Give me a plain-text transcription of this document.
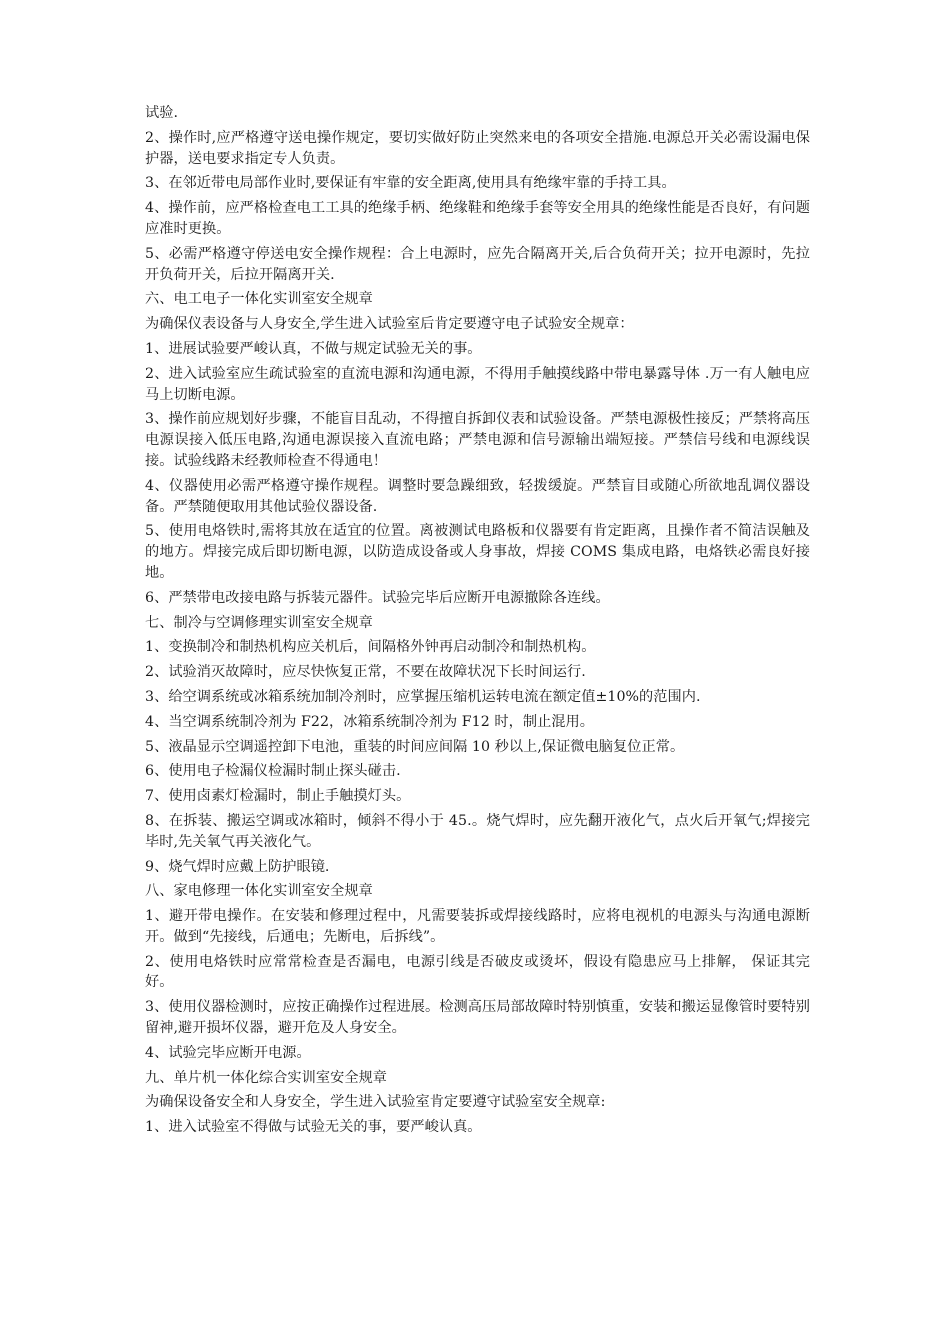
试验.

2、操作时,应严格遵守送电操作规定，要切实做好防止突然来电的各项安全措施.电源总开关必需设漏电保护器，送电要求指定专人负责。

3、在邻近带电局部作业时,要保证有牢靠的安全距离,使用具有绝缘牢靠的手持工具。

4、操作前，应严格检查电工工具的绝缘手柄、绝缘鞋和绝缘手套等安全用具的绝缘性能是否良好，有问题应准时更换。

5、必需严格遵守停送电安全操作规程：合上电源时，应先合隔离开关,后合负荷开关；拉开电源时，先拉开负荷开关，后拉开隔离开关.

六、电工电子一体化实训室安全规章

为确保仪表设备与人身安全,学生进入试验室后肯定要遵守电子试验安全规章：

1、进展试验要严峻认真，不做与规定试验无关的事。

2、进入试验室应生疏试验室的直流电源和沟通电源，不得用手触摸线路中带电暴露导体 .万一有人触电应马上切断电源。

3、操作前应规划好步骤，不能盲目乱动，不得擅自拆卸仪表和试验设备。严禁电源极性接反；严禁将高压电源误接入低压电路,沟通电源误接入直流电路；严禁电源和信号源输出端短接。严禁信号线和电源线误接。试验线路未经教师检查不得通电！

4、仪器使用必需严格遵守操作规程。调整时要急躁细致，轻拨缓旋。严禁盲目或随心所欲地乱调仪器设备。严禁随便取用其他试验仪器设备.

5、使用电烙铁时,需将其放在适宜的位置。离被测试电路板和仪器要有肯定距离，且操作者不简洁误触及的地方。焊接完成后即切断电源，以防造成设备或人身事故，焊接 COMS 集成电路，电烙铁必需良好接地。

6、严禁带电改接电路与拆装元器件。试验完毕后应断开电源撤除各连线。

七、制冷与空调修理实训室安全规章

1、变换制冷和制热机构应关机后，间隔格外钟再启动制冷和制热机构。

2、试验消灭故障时，应尽快恢复正常，不要在故障状况下长时间运行.

3、给空调系统或冰箱系统加制冷剂时，应掌握压缩机运转电流在额定值±10%的范围内.

4、当空调系统制冷剂为 F22，冰箱系统制冷剂为 F12 时，制止混用。

5、液晶显示空调遥控卸下电池，重装的时间应间隔 10 秒以上,保证微电脑复位正常。

6、使用电子检漏仪检漏时制止探头碰击.

7、使用卤素灯检漏时，制止手触摸灯头。

8、在拆装、搬运空调或冰箱时，倾斜不得小于 45.。烧气焊时，应先翻开液化气，点火后开氧气;焊接完毕时,先关氧气再关液化气。

9、烧气焊时应戴上防护眼镜.

八、家电修理一体化实训室安全规章

1、避开带电操作。在安装和修理过程中，凡需要装拆或焊接线路时，应将电视机的电源头与沟通电源断开。做到“先接线，后通电；先断电，后拆线”。

2、使用电烙铁时应常常检查是否漏电，电源引线是否破皮或烫坏，假设有隐患应马上排解， 保证其完好。

3、使用仪器检测时，应按正确操作过程进展。检测高压局部故障时特别慎重，安装和搬运显像管时要特别留神,避开损坏仪器，避开危及人身安全。

4、试验完毕应断开电源。

九、单片机一体化综合实训室安全规章

为确保设备安全和人身安全，学生进入试验室肯定要遵守试验室安全规章:

1、进入试验室不得做与试验无关的事，要严峻认真。
